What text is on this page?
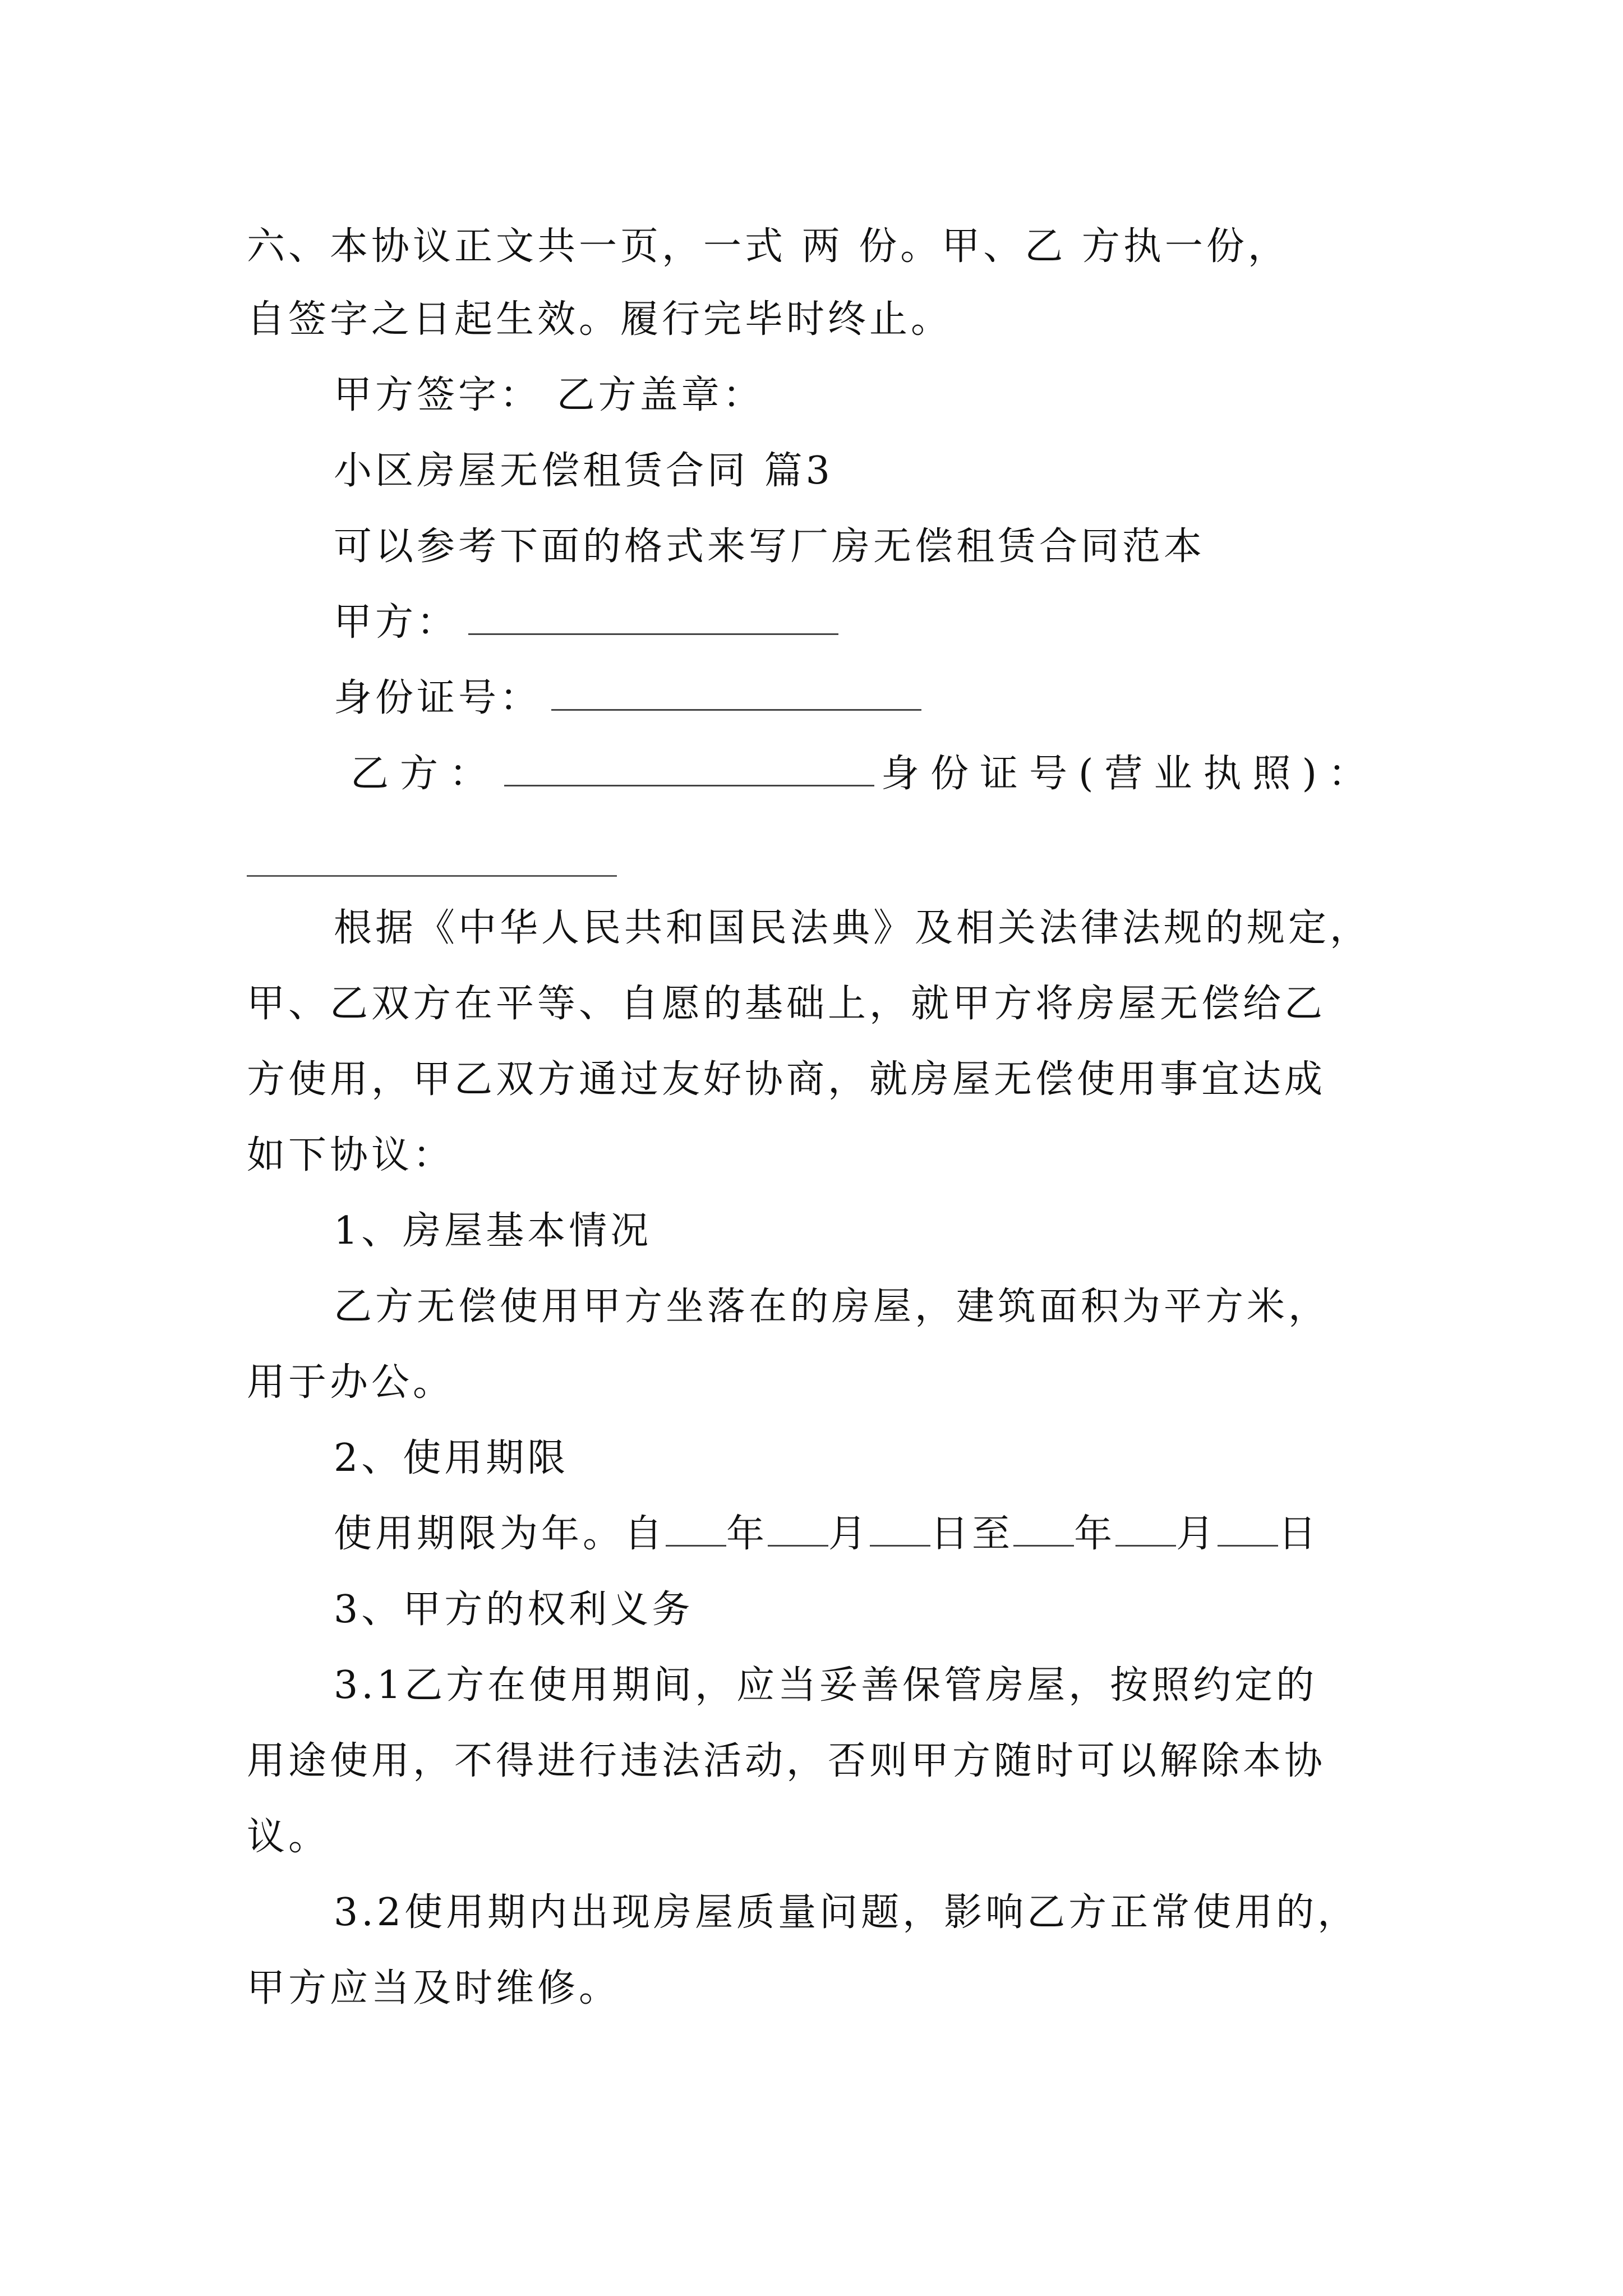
六、本协议正文共一页，一式 两 份。甲、乙 方执一份，
自签字之日起生效。履行完毕时终止。
甲方签字： 乙方盖章：
小区房屋无偿租赁合同 篇3
可以参考下面的格式来写厂房无偿租赁合同范本
甲方：
身份证号：
乙方：	身份证号(营业执照)：
根据《中华人民共和国民法典》及相关法律法规的规定，
甲、乙双方在平等、自愿的基础上，就甲方将房屋无偿给乙
方使用，甲乙双方通过友好协商，就房屋无偿使用事宜达成
如下协议：
1、房屋基本情况
乙方无偿使用甲方坐落在的房屋，建筑面积为平方米，
用于办公。
2、使用期限
使用期限为年。自 年 月 日至 年 月 日
3、甲方的权利义务
3.1乙方在使用期间，应当妥善保管房屋，按照约定的
用途使用，不得进行违法活动，否则甲方随时可以解除本协
议。
3.2使用期内出现房屋质量问题，影响乙方正常使用的，
甲方应当及时维修。
